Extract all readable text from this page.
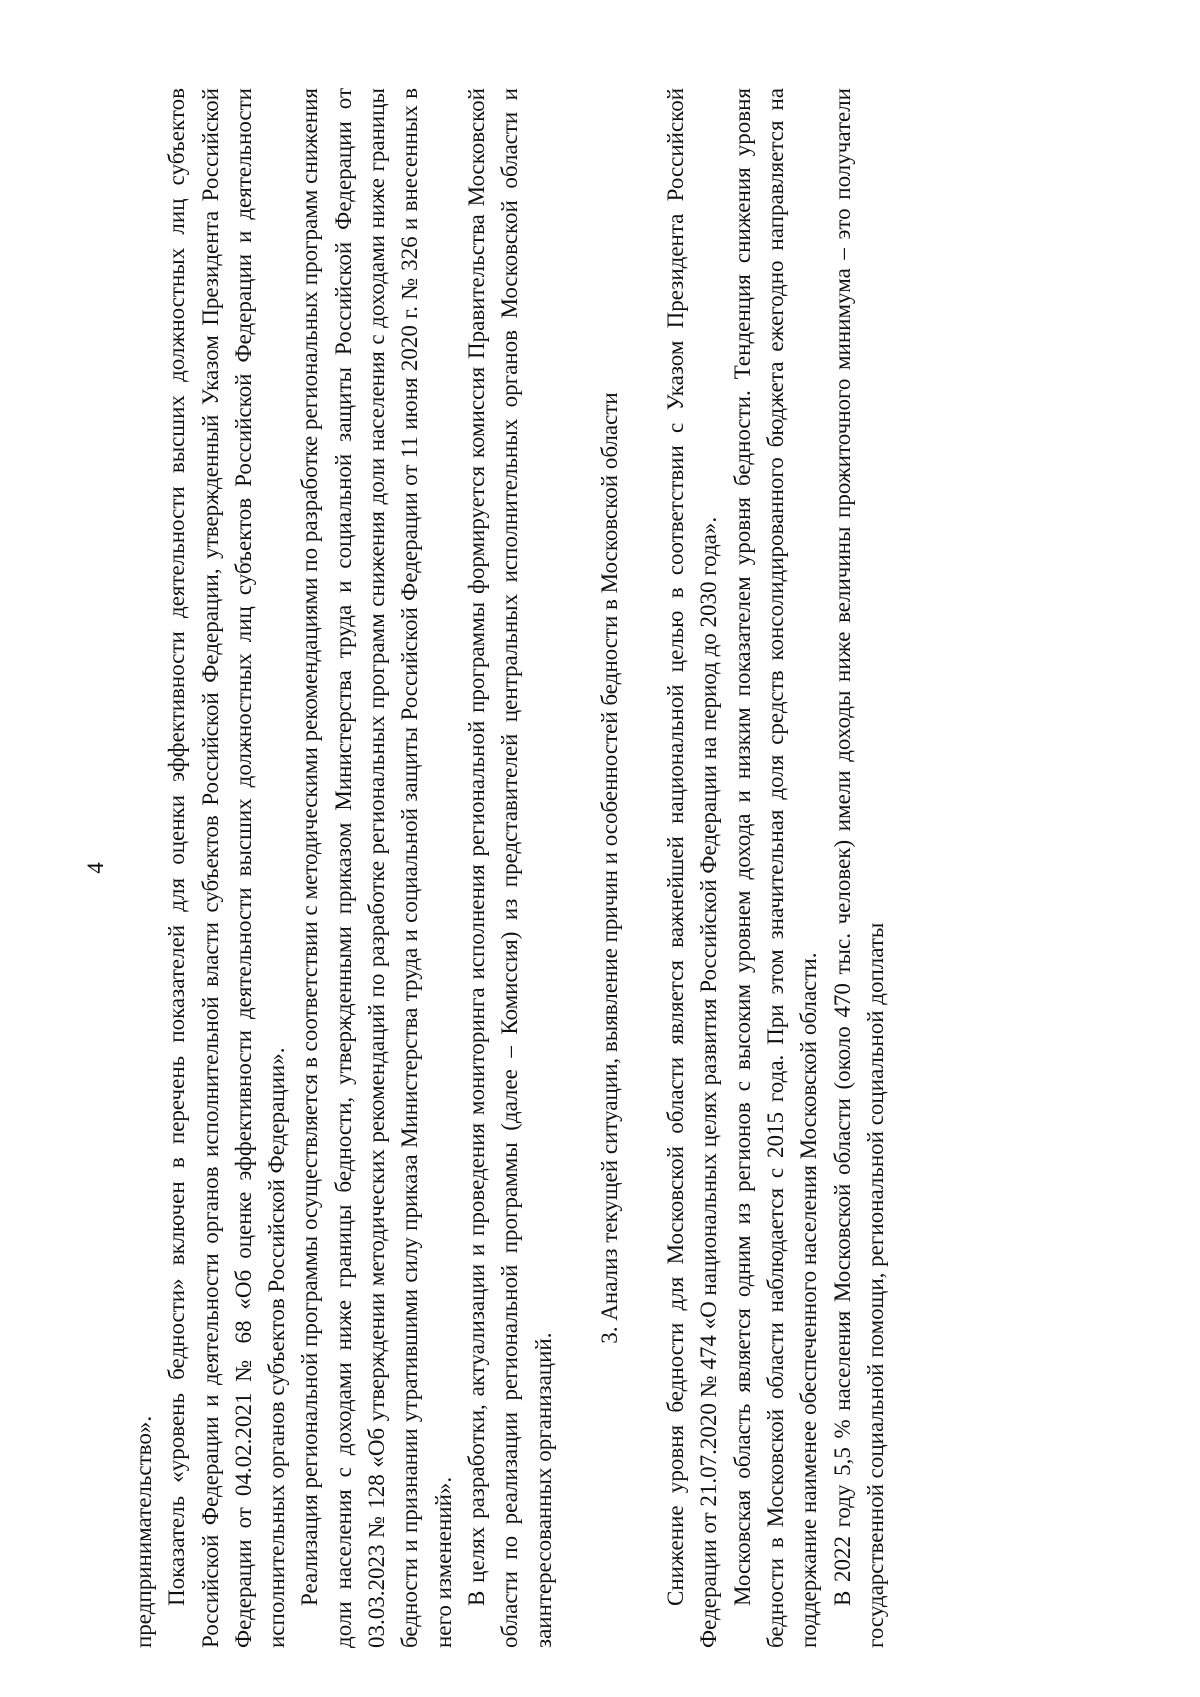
4

предпринимательство». Показатель «уровень бедности» включен в перечень показателей для оценки эффективности деятельности высших должностных лиц субъектов Российской Федерации и деятельности органов исполнительной власти субъектов Российской Федерации, утвержденный Указом Президента Российской Федерации от 04.02.2021 № 68 «Об оценке эффективности деятельности высших должностных лиц субъектов Российской Федерации и деятельности исполнительных органов субъектов Российской Федерации». Реализация региональной программы осуществляется в соответствии с методическими рекомендациями по разработке региональных программ снижения доли населения с доходами ниже границы бедности, утвержденными приказом Министерства труда и социальной защиты Российской Федерации от 03.03.2023 № 128 «Об утверждении методических рекомендаций по разработке региональных программ снижения доли населения с доходами ниже границы бедности и признании утратившими силу приказа Министерства труда и социальной защиты Российской Федерации от 11 июня 2020 г. № 326 и внесенных в него изменений». В целях разработки, актуализации и проведения мониторинга исполнения региональной программы формируется комиссия Правительства Московской области по реализации региональной программы (далее – Комиссия) из представителей центральных исполнительных органов Московской области и заинтересованных организаций.

3. Анализ текущей ситуации, выявление причин и особенностей бедности в Московской области Снижение уровня бедности для Московской области является важнейшей национальной целью в соответствии с Указом Президента Российской Федерации от 21.07.2020 № 474 «О национальных целях развития Российской Федерации на период до 2030 года». Московская область является одним из регионов с высоким уровнем дохода и низким показателем уровня бедности. Тенденция снижения уровня бедности в Московской области наблюдается с 2015 года. При этом значительная доля средств консолидированного бюджета ежегодно направляется на поддержание наименее обеспеченного населения Московской области. В 2022 году 5,5 % населения Московской области (около 470 тыс. человек) имели доходы ниже величины прожиточного минимума – это получатели государственной социальной помощи, региональной социальной доплаты
